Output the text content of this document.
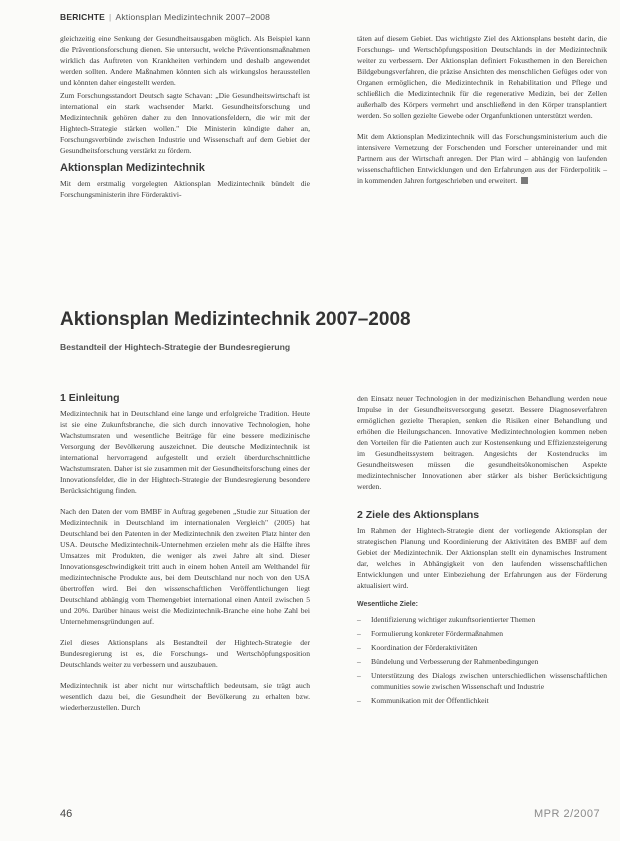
BERICHTE | Aktionsplan Medizintechnik 2007–2008

gleichzeitig eine Senkung der Gesundheitsausgaben möglich. Als Beispiel kann die Präventionsforschung dienen. Sie untersucht, welche Präventionsmaßnahmen wirklich das Auftreten von Krankheiten verhindern und deshalb angewendet werden sollten. Andere Maßnahmen könnten sich als wirkungslos herausstellen und könnten daher eingestellt werden.

Zum Forschungsstandort Deutsch sagte Schavan: „Die Gesundheitswirtschaft ist international ein stark wachsender Markt. Gesundheitsforschung und Medizintechnik gehören daher zu den Innovationsfeldern, die wir mit der Hightech-Strategie stärken wollen." Die Ministerin kündigte daher an, Forschungsverbünde zwischen Industrie und Wissenschaft auf dem Gebiet der Gesundheitsforschung verstärkt zu fördern.

Aktionsplan Medizintechnik

Mit dem erstmalig vorgelegten Aktionsplan Medizintechnik bündelt die Forschungsministerin ihre Förderaktivi-

täten auf diesem Gebiet. Das wichtigste Ziel des Aktionsplans besteht darin, die Forschungs- und Wertschöpfungsposition Deutschlands in der Medizintechnik weiter zu verbessern. Der Aktionsplan definiert Fokusthemen in den Bereichen Bildgebungsverfahren, die präzise Ansichten des menschlichen Gefüges oder von Organen ermöglichen, die Medizintechnik in Rehabilitation und Pflege und schließlich die Medizintechnik für die regenerative Medizin, bei der Zellen außerhalb des Körpers vermehrt und anschließend in den Körper transplantiert werden. So sollen gezielte Gewebe oder Organfunktionen unterstützt werden.

Mit dem Aktionsplan Medizintechnik will das Forschungsministerium auch die intensivere Vernetzung der Forschenden und Forscher untereinander und mit Partnern aus der Wirtschaft anregen. Der Plan wird – abhängig von laufenden wissenschaftlichen Entwicklungen und den Erfahrungen aus der Förderpolitik – in kommenden Jahren fortgeschrieben und erweitert.

Aktionsplan Medizintechnik 2007–2008
Bestandteil der Hightech-Strategie der Bundesregierung
1 Einleitung

Medizintechnik hat in Deutschland eine lange und erfolgreiche Tradition. Heute ist sie eine Zukunftsbranche, die sich durch innovative Technologien, hohe Wachstumsraten und wesentliche Beiträge für eine bessere medizinische Versorgung der Bevölkerung auszeichnet. Die deutsche Medizintechnik ist international hervorragend aufgestellt und erzielt überdurchschnittliche Wachstumsraten. Daher ist sie zusammen mit der Gesundheitsforschung eines der Innovationsfelder, die in der Hightech-Strategie der Bundesregierung besondere Berücksichtigung finden.

Nach den Daten der vom BMBF in Auftrag gegebenen „Studie zur Situation der Medizintechnik in Deutschland im internationalen Vergleich" (2005) hat Deutschland bei den Patenten in der Medizintechnik den zweiten Platz hinter den USA. Deutsche Medizintechnik-Unternehmen erzielen mehr als die Hälfte ihres Umsatzes mit Produkten, die weniger als zwei Jahre alt sind. Dieser Innovationsgeschwindigkeit tritt auch in einem hohen Anteil am Welthandel für medizintechnische Produkte aus, bei dem Deutschland nur noch von den USA übertroffen wird. Bei den wissenschaftlichen Veröffentlichungen liegt Deutschland abhängig vom Themengebiet international einen Anteil zwischen 5 und 20%. Darüber hinaus weist die Medizintechnik-Branche eine hohe Zahl bei Unternehmensgründungen auf.

Ziel dieses Aktionsplans als Bestandteil der Hightech-Strategie der Bundesregierung ist es, die Forschungs- und Wertschöpfungsposition Deutschlands weiter zu verbessern und auszubauen.

Medizintechnik ist aber nicht nur wirtschaftlich bedeutsam, sie trägt auch wesentlich dazu bei, die Gesundheit der Bevölkerung zu erhalten bzw. wiederherzustellen. Durch

den Einsatz neuer Technologien in der medizinischen Behandlung werden neue Impulse in der Gesundheitsversorgung gesetzt. Bessere Diagnoseverfahren ermöglichen gezielte Therapien, senken die Risiken einer Behandlung und erhöhen die Heilungschancen. Innovative Medizintechnologien kommen neben den Vorteilen für die Patienten auch zur Kostensenkung und Effizienzsteigerung im Gesundheitssystem beitragen. Angesichts der Kostendrucks im Gesundheitswesen müssen die gesundheitsökonomischen Aspekte medizintechnischer Innovationen aber stärker als bisher Berücksichtigung werden.

2 Ziele des Aktionsplans

Im Rahmen der Hightech-Strategie dient der vorliegende Aktionsplan der strategischen Planung und Koordinierung der Aktivitäten des BMBF auf dem Gebiet der Medizintechnik. Der Aktionsplan stellt ein dynamisches Instrument dar, welches in Abhängigkeit von den laufenden wissenschaftlichen Entwicklungen und unter Einbeziehung der Erfahrungen aus der Förderung aktualisiert wird.

Wesentliche Ziele:
– Identifizierung wichtiger zukunftsorientierter Themen
– Formulierung konkreter Fördermaßnahmen
– Koordination der Förderaktivitäten
– Bündelung und Verbesserung der Rahmenbedingungen
– Unterstützung des Dialogs zwischen unterschiedlichen wissenschaftlichen communities sowie zwischen Wissenschaft und Industrie
– Kommunikation mit der Öffentlichkeit
46	MPR 2/2007
